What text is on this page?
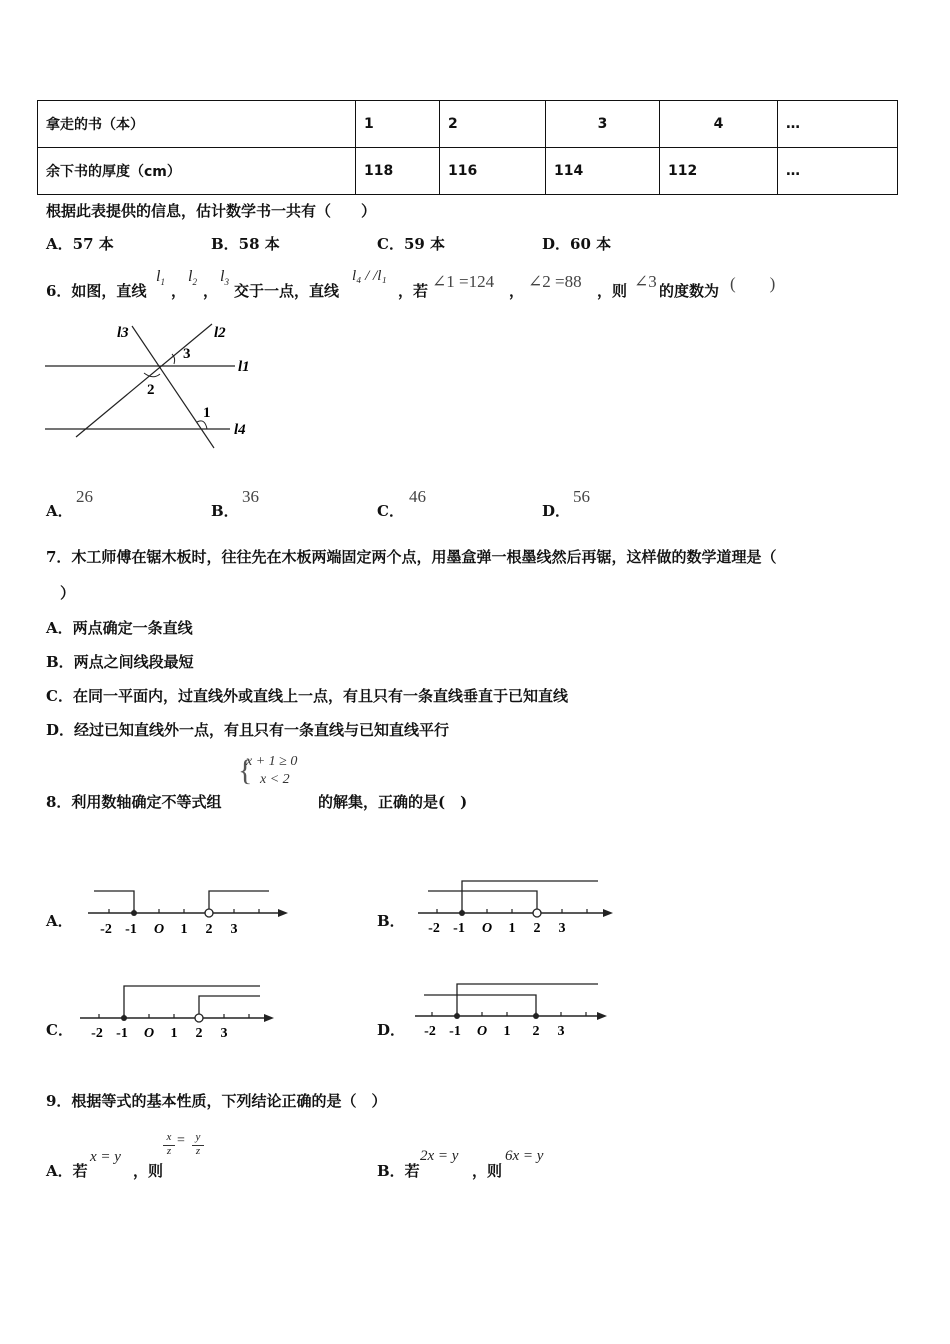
拿走的书（本）	1	2	3	4	…
余下书的厚度（cm）	118	116	114	112	…
根据此表提供的信息，估计数学书一共有（　　）
A．57 本	B．58 本	C．59 本	D．60 本
6．如图，直线
$l_1$ ，
$l_2$ ，
$l_3$ 交于一点，直线
l₄ / /l₁
，若 ∠1 =124 ， ∠2 =88 ，则 ∠3 的度数为 (　　)
l3	l2
l1
l4
3
2
1
A．
26
B．
36
C．
46
D．
56
7．木工师傅在锯木板时，往往先在木板两端固定两个点，用墨盒弹一根墨线然后再锯，这样做的数学道理是（
）
A．两点确定一条直线
B．两点之间线段最短
C．在同一平面内，过直线外或直线上一点，有且只有一条直线垂直于已知直线
D．经过已知直线外一点，有且只有一条直线与已知直线平行
8．利用数轴确定不等式组
{
x + 1 ≥ 0
x < 2
的解集，正确的是(　)
A．	B．
C．	D．
-2 -1 O 1 2 3	-2 -1 O 1 2 3
-2 -1 O 1 2 3	-2 -1 O 1 2 3
9．根据等式的基本性质，下列结论正确的是（　）
A．若
x = y
，则
x
z
= y
z
B．若
2x = y
，则
6x = y
